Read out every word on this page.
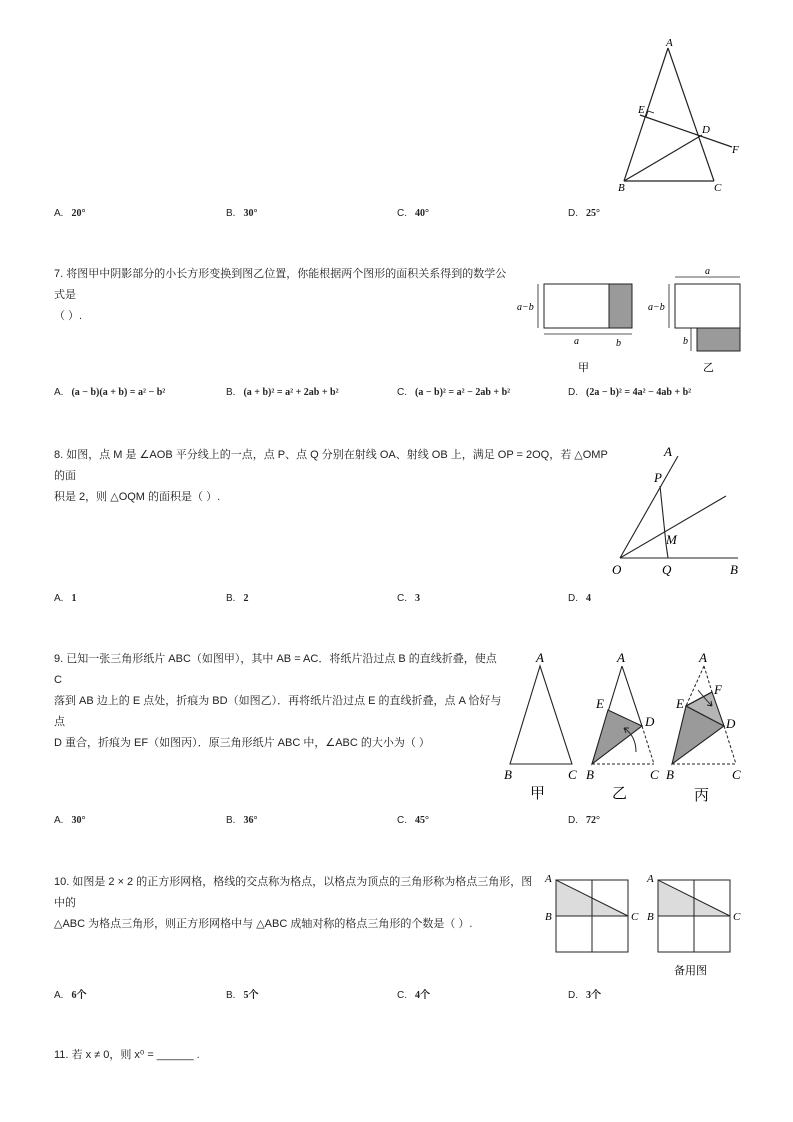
A
E
D
F
B	C
A. 20°	B. 30°	C. 40°	D. 25°
7. 将图甲中阴影部分的小长方形变换到图乙位置，你能根据两个图形的面积关系得到的数学公式是
（ ）.
a−b
a	b
甲
a
a−b
b
乙
A. (a − b)(a + b) = a² − b²	B. (a + b)² = a² + 2ab + b²	C. (a − b)² = a² − 2ab + b²	D. (2a − b)² = 4a² − 4ab + b²
8. 如图，点 M 是 ∠AOB 平分线上的一点，点 P、点 Q 分别在射线 OA、射线 OB 上，满足 OP = 2OQ，若 △OMP 的面
积是 2，则 △OQM 的面积是（ ）.
A
P
M
O	Q	B
A. 1	B. 2	C. 3	D. 4
9. 已知一张三角形纸片 ABC（如图甲），其中 AB = AC．将纸片沿过点 B 的直线折叠，使点 C
落到 AB 边上的 E 点处，折痕为 BD（如图乙）．再将纸片沿过点 E 的直线折叠，点 A 恰好与点
D 重合，折痕为 EF（如图丙）．原三角形纸片 ABC 中，∠ABC 的大小为（ ）
A
B	C
甲
A
E
D
B	C
乙
A
E
F
D
B	C
丙
A. 30°	B. 36°	C. 45°	D. 72°
10. 如图是 2 × 2 的正方形网格，格线的交点称为格点，以格点为顶点的三角形称为格点三角形，图中的
△ABC 为格点三角形，则正方形网格中与 △ABC 成轴对称的格点三角形的个数是（ ）.
A
B	C
A
B	C
备用图
A. 6个	B. 5个	C. 4个	D. 3个
11. 若 x ≠ 0，则 x⁰ = ______ .
